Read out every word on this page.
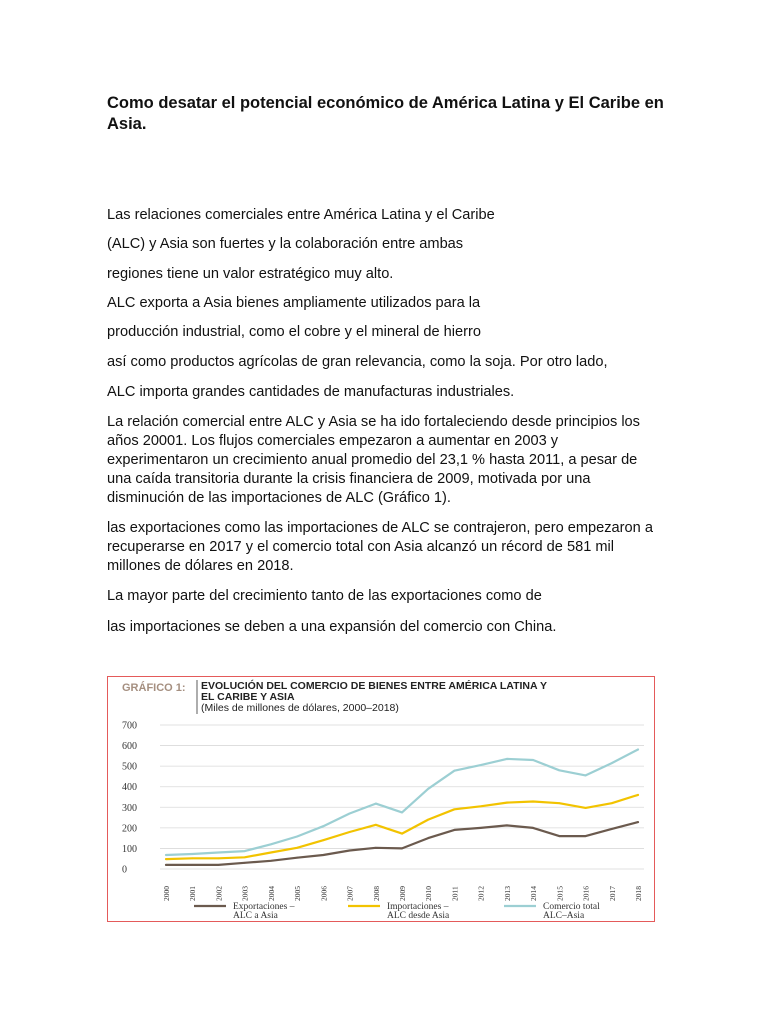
Como desatar el potencial económico de América Latina y El Caribe en Asia.

Las relaciones comerciales entre América Latina y el Caribe

(ALC) y Asia son fuertes y la colaboración entre ambas

regiones tiene un valor estratégico muy alto.

ALC exporta a Asia bienes ampliamente utilizados para la

producción industrial, como el cobre y el mineral de hierro

así como productos agrícolas de gran relevancia, como la soja. Por otro lado,

ALC importa grandes cantidades de manufacturas industriales.

La relación comercial entre ALC y Asia se ha ido fortaleciendo desde principios los años 20001. Los flujos comerciales empezaron a aumentar en 2003 y experimentaron un crecimiento anual promedio del 23,1 % hasta 2011, a pesar de una caída transitoria durante la crisis financiera de 2009, motivada por una disminución de las importaciones de ALC (Gráfico 1).

las exportaciones como las importaciones de ALC se contrajeron, pero empezaron a recuperarse en 2017 y el comercio total con Asia alcanzó un récord de 581 mil millones de dólares en 2018.

La mayor parte del crecimiento tanto de las exportaciones como de

las importaciones se deben a una expansión del comercio con China.

GRÁFICO 1: EVOLUCIÓN DEL COMERCIO DE BIENES ENTRE AMÉRICA LATINA Y
EL CARIBE Y ASIA
(Miles de millones de dólares, 2000–2018)
0
100
200
300
400
500
600
700
2000 2001 2002 2003 2004 2005 2006 2007 2008 2009 2010 2011 2012 2013 2014 2015 2016 2017 2018
Exportaciones –
ALC a Asia
Importaciones –
ALC desde Asia
Comercio total
ALC–Asia
